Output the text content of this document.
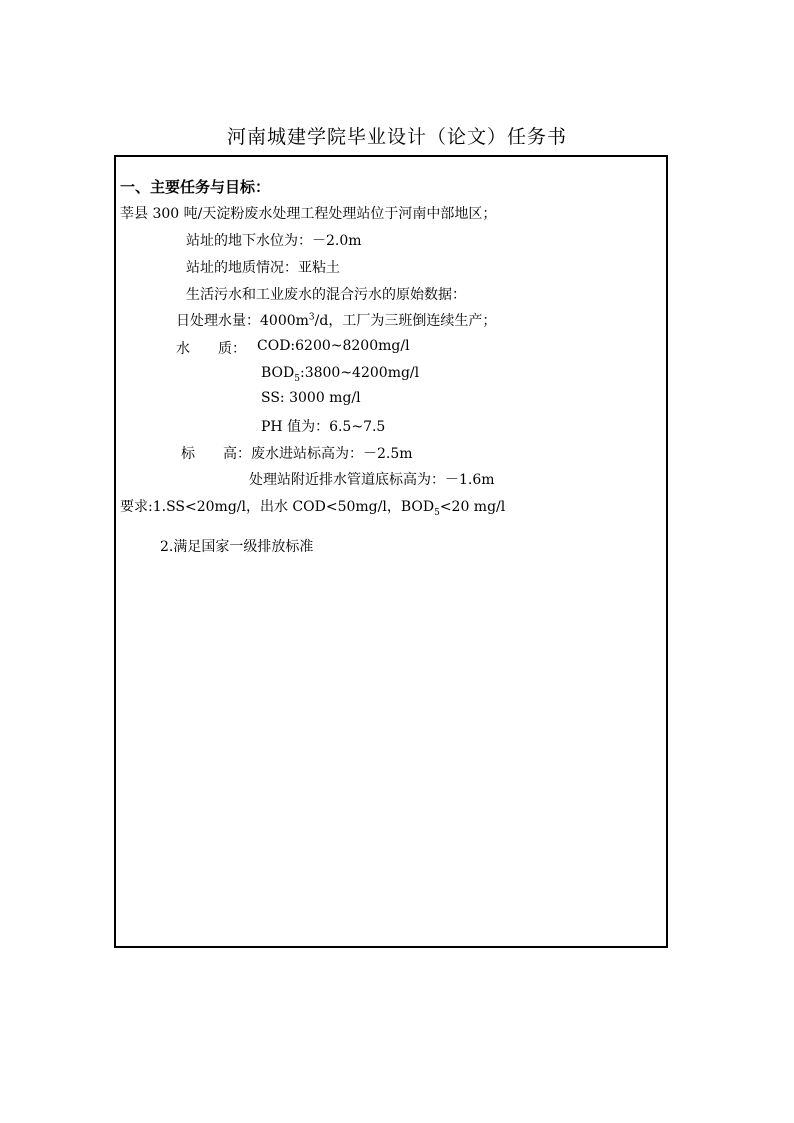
河南城建学院毕业设计（论文）任务书
一、主要任务与目标：
莘县 300 吨/天淀粉废水处理工程处理站位于河南中部地区；
站址的地下水位为：－2.0m
站址的地质情况：亚粘土
生活污水和工业废水的混合污水的原始数据：
日处理水量：$4000m^3/d$，工厂为三班倒连续生产；
水　　质： COD:6200~8200mg/l
$BOD_5:3800\sim 4200mg/l$
SS: 3000 mg/l
PH 值为：6.5~7.5
标　　高：废水进站标高为：－2.5m
处理站附近排水管道底标高为：－1.6m
要求:1.SS<20mg/l，出水 COD<50mg/l，$BOD_5<20$ mg/l
2.满足国家一级排放标准
